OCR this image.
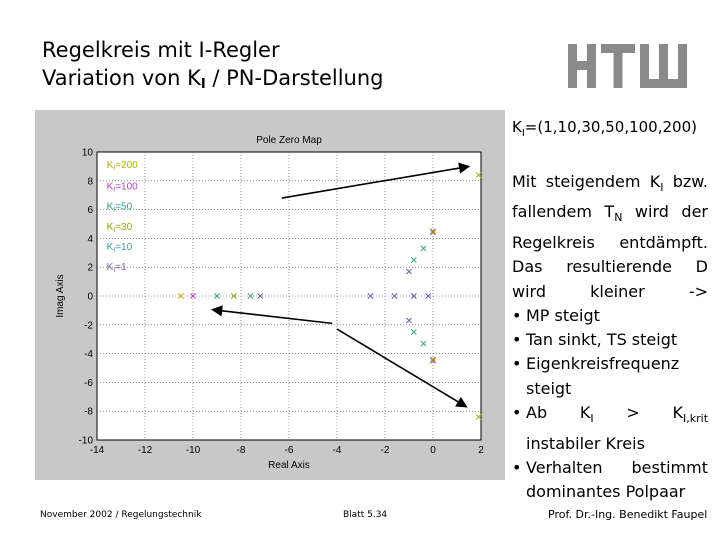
Regelkreis mit I-Regler
Variation von $K_I$ / PN-Darstellung
-14	-12	-10	-8	-6	-4	-2	0	2
10
8
6
4
2
0
-2
-4
-6
-8
-10
Pole Zero Map
Real Axis
Imag Axis
$K_I=200$
$K_I=100$
$K_I=50$
$K_I=30$
$K_I=10$
$K_I=1$
$K_I=(1,10,30,50,100,200)$

Mit steigendem $K_I$ bzw. fallendem $T_N$ wird der Regelkreis entdämpft. Das resultierende D wird kleiner ->

• MP steigt
• Tan sinkt, TS steigt
• Eigenkreisfrequenz steigt
• Ab $K_I > K_{I,krit}$
instabiler Kreis
• Verhalten bestimmt
dominantes Polpaar
November 2002 / Regelungstechnik	Blatt 5.34	Prof. Dr.-Ing. Benedikt Faupel
